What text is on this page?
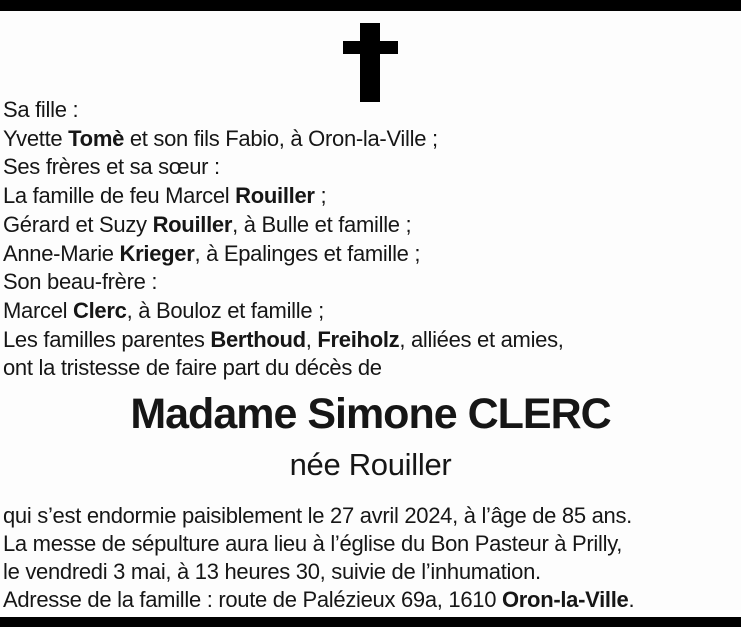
Sa fille :
Yvette Tomè et son fils Fabio, à Oron-la-Ville ;
Ses frères et sa sœur :
La famille de feu Marcel Rouiller ;
Gérard et Suzy Rouiller, à Bulle et famille ;
Anne-Marie Krieger, à Epalinges et famille ;
Son beau-frère :
Marcel Clerc, à Bouloz et famille ;
Les familles parentes Berthoud, Freiholz, alliées et amies,
ont la tristesse de faire part du décès de
Madame Simone CLERC
née Rouiller
qui s’est endormie paisiblement le 27 avril 2024, à l’âge de 85 ans.
La messe de sépulture aura lieu à l’église du Bon Pasteur à Prilly,
le vendredi 3 mai, à 13 heures 30, suivie de l’inhumation.
Adresse de la famille : route de Palézieux 69a, 1610 Oron-la-Ville.
